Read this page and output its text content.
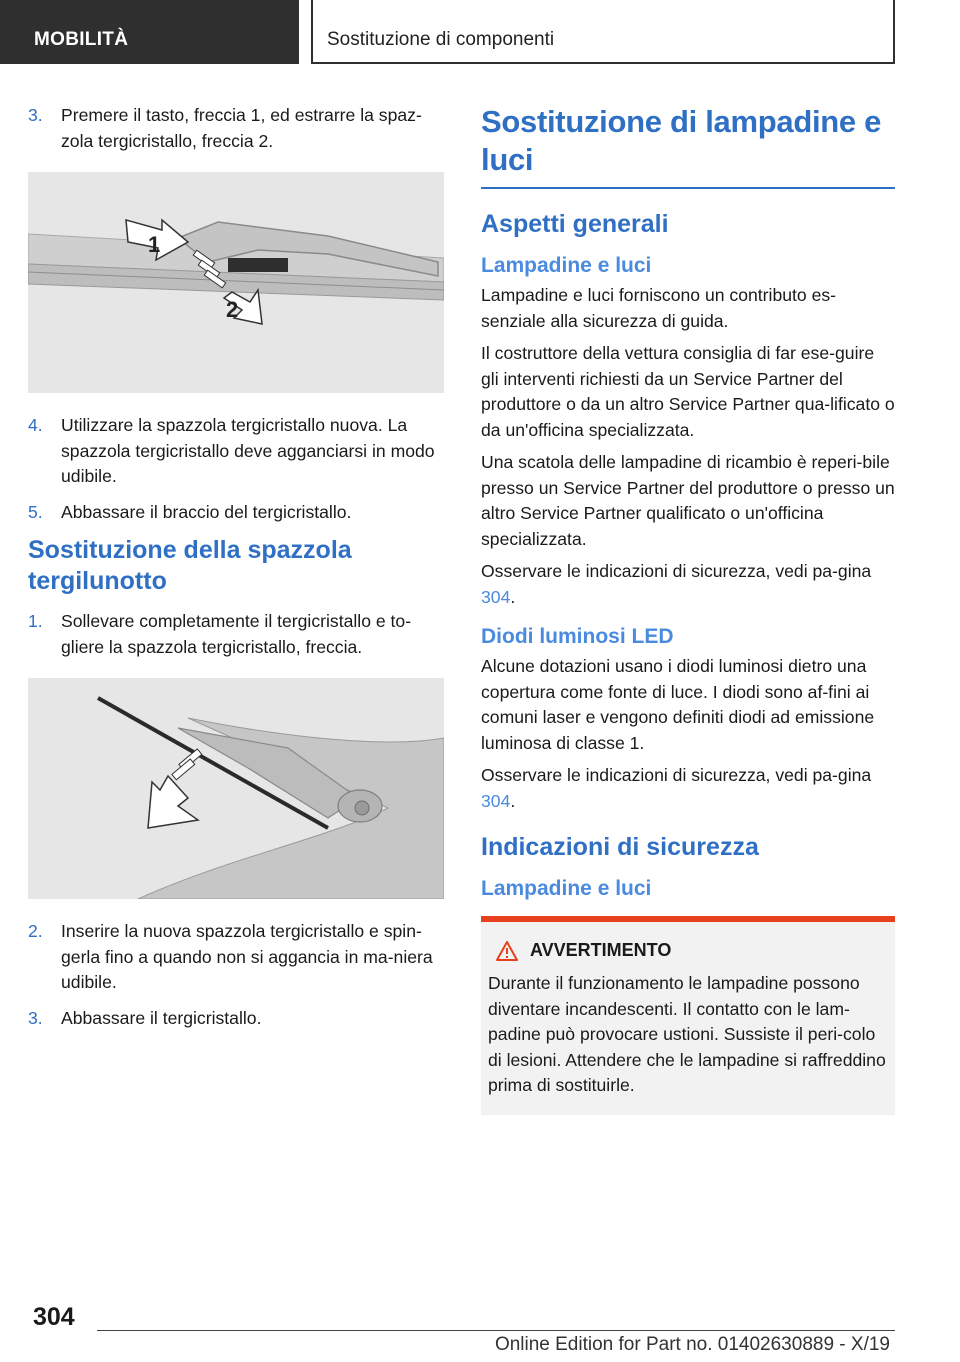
MOBILITÀ	Sostituzione di componenti
3. Premere il tasto, freccia 1, ed estrarre la spaz-zola tergicristallo, freccia 2.
1
2
4. Utilizzare la spazzola tergicristallo nuova. La spazzola tergicristallo deve agganciarsi in modo udibile.
5. Abbassare il braccio del tergicristallo.
Sostituzione della spazzola tergilunotto
1. Sollevare completamente il tergicristallo e to-gliere la spazzola tergicristallo, freccia.
2. Inserire la nuova spazzola tergicristallo e spin-gerla fino a quando non si aggancia in ma-niera udibile.
3. Abbassare il tergicristallo.
Sostituzione di lampadine e luci
Aspetti generali
Lampadine e luci

Lampadine e luci forniscono un contributo es-senziale alla sicurezza di guida.

Il costruttore della vettura consiglia di far ese-guire gli interventi richiesti da un Service Partner del produttore o da un altro Service Partner qua-lificato o da un'officina specializzata.

Una scatola delle lampadine di ricambio è reperi-bile presso un Service Partner del produttore o presso un altro Service Partner qualificato o un'officina specializzata.

Osservare le indicazioni di sicurezza, vedi pa-gina 304.

Diodi luminosi LED

Alcune dotazioni usano i diodi luminosi dietro una copertura come fonte di luce. I diodi sono af-fini ai comuni laser e vengono definiti diodi ad emissione luminosa di classe 1.

Osservare le indicazioni di sicurezza, vedi pa-gina 304.

Indicazioni di sicurezza
Lampadine e luci
AVVERTIMENTO

Durante il funzionamento le lampadine possono diventare incandescenti. Il contatto con le lam-padine può provocare ustioni. Sussiste il peri-colo di lesioni. Attendere che le lampadine si raffreddino prima di sostituirle.

304
Online Edition for Part no. 01402630889 - X/19
